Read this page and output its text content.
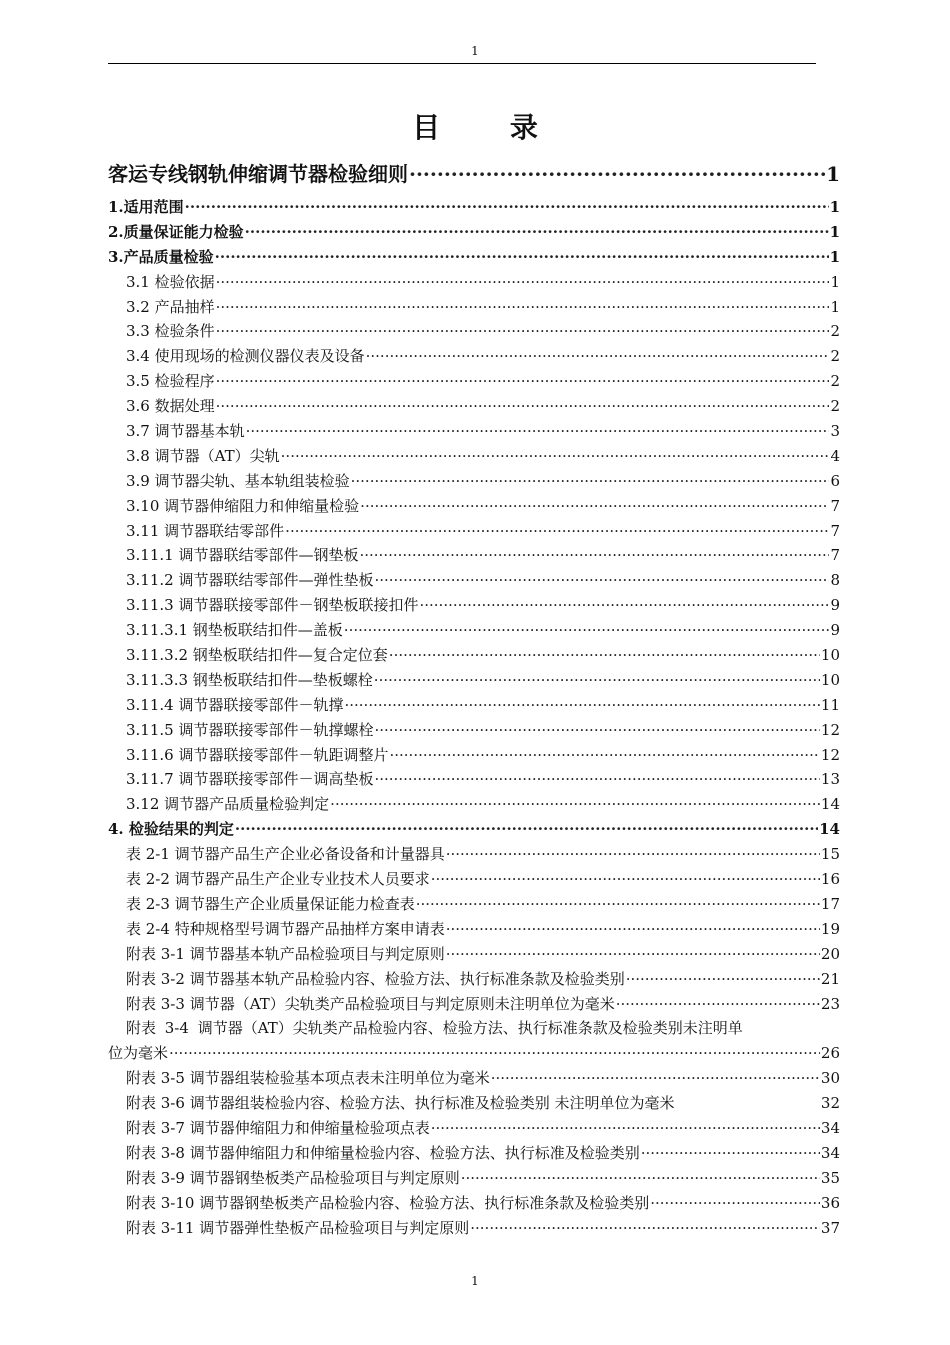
1
目 录
客运专线钢轨伸缩调节器检验细则 ·····	1
1.适用范围 ·····	1
2.质量保证能力检验 ·····	1
3.产品质量检验 ·····	1
3.1 检验依据 ·····	1
3.2 产品抽样 ·····	1
3.3 检验条件 ·····	2
3.4 使用现场的检测仪器仪表及设备 ·····	2
3.5 检验程序 ·····	2
3.6 数据处理 ·····	2
3.7 调节器基本轨 ·····	3
3.8 调节器（AT）尖轨 ·····	4
3.9 调节器尖轨、基本轨组装检验 ·····	6
3.10 调节器伸缩阻力和伸缩量检验 ·····	7
3.11 调节器联结零部件 ·····	7
3.11.1 调节器联结零部件—钢垫板 ·····	7
3.11.2 调节器联结零部件—弹性垫板 ·····	8
3.11.3 调节器联接零部件－钢垫板联接扣件 ·····	9
3.11.3.1 钢垫板联结扣件—盖板 ·····	9
3.11.3.2 钢垫板联结扣件—复合定位套 ·····	10
3.11.3.3 钢垫板联结扣件—垫板螺栓 ·····	10
3.11.4 调节器联接零部件－轨撑 ·····	11
3.11.5 调节器联接零部件－轨撑螺栓 ·····	12
3.11.6 调节器联接零部件－轨距调整片 ·····	12
3.11.7 调节器联接零部件－调高垫板 ·····	13
3.12 调节器产品质量检验判定 ·····	14
4. 检验结果的判定 ·····	14
表 2-1 调节器产品生产企业必备设备和计量器具 ·····	15
表 2-2 调节器产品生产企业专业技术人员要求 ·····	16
表 2-3 调节器生产企业质量保证能力检查表 ·····	17
表 2-4 特种规格型号调节器产品抽样方案申请表 ·····	19
附表 3-1 调节器基本轨产品检验项目与判定原则 ·····	20
附表 3-2 调节器基本轨产品检验内容、检验方法、执行标准条款及检验类别 ·····	21
附表 3-3 调节器（AT）尖轨类产品检验项目与判定原则未注明单位为毫米 ·····	23
附表 3-4 调节器（AT）尖轨类产品检验内容、检验方法、执行标准条款及检验类别未注明单
位为毫米 ·····	26
附表 3-5 调节器组装检验基本项点表未注明单位为毫米 ·····	30
附表 3-6 调节器组装检验内容、检验方法、执行标准及检验类别 未注明单位为毫米	32
附表 3-7 调节器伸缩阻力和伸缩量检验项点表 ·····	34
附表 3-8 调节器伸缩阻力和伸缩量检验内容、检验方法、执行标准及检验类别 ·····	34
附表 3-9 调节器钢垫板类产品检验项目与判定原则 ·····	35
附表 3-10 调节器钢垫板类产品检验内容、检验方法、执行标准条款及检验类别 ·····	36
附表 3-11 调节器弹性垫板产品检验项目与判定原则 ·····	37
1
